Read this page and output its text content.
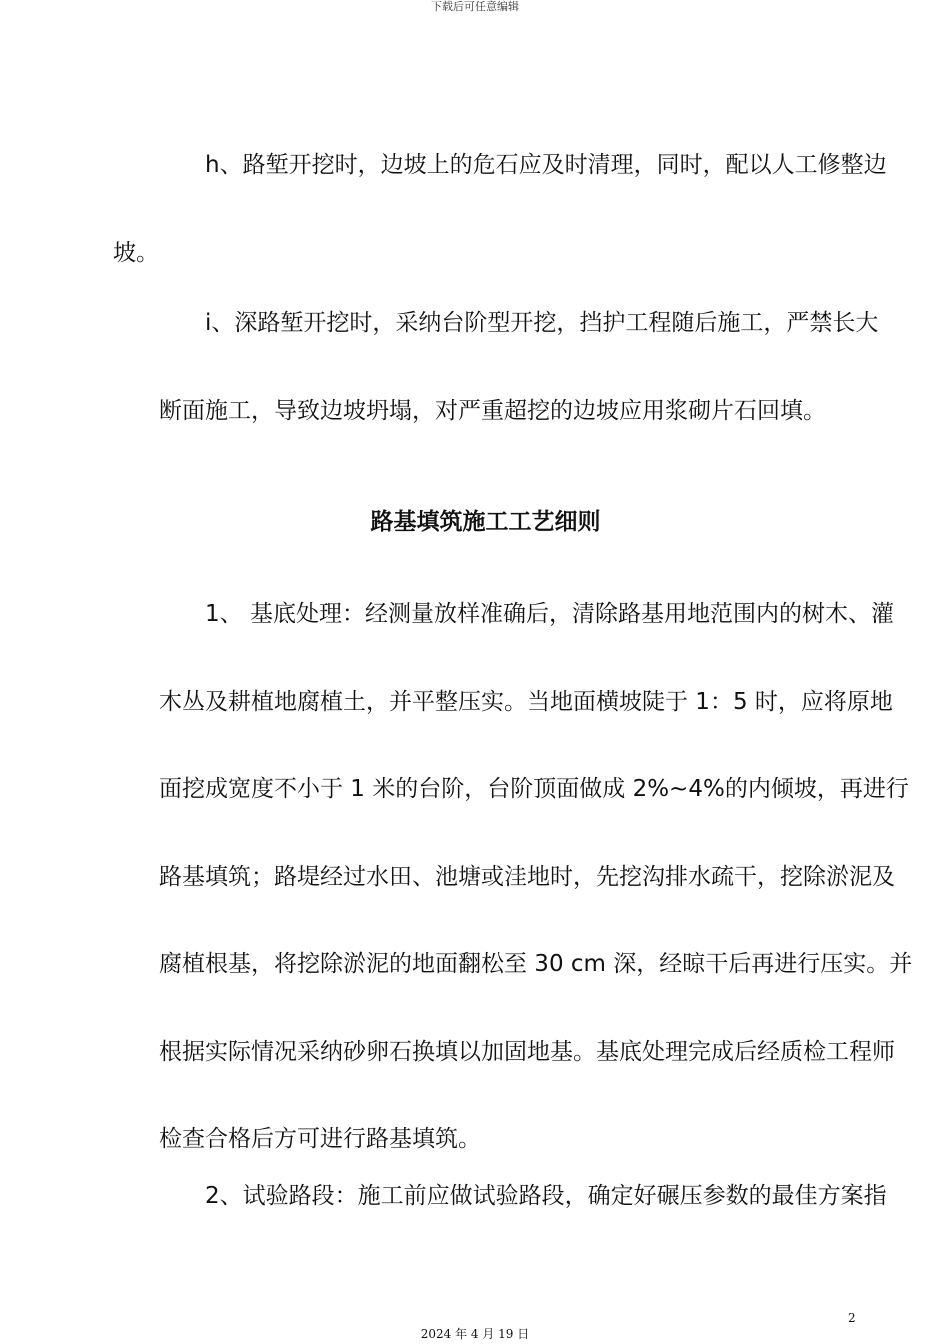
下载后可任意编辑
h、路堑开挖时，边坡上的危石应及时清理，同时，配以人工修整边
坡。
i、深路堑开挖时，采纳台阶型开挖，挡护工程随后施工，严禁长大
断面施工，导致边坡坍塌，对严重超挖的边坡应用浆砌片石回填。
路基填筑施工工艺细则
1、 基底处理：经测量放样准确后，清除路基用地范围内的树木、灌
木丛及耕植地腐植土，并平整压实。当地面横坡陡于 1：5 时，应将原地
面挖成宽度不小于 1 米的台阶，台阶顶面做成 2%~4%的内倾坡，再进行
路基填筑；路堤经过水田、池塘或洼地时，先挖沟排水疏干，挖除淤泥及
腐植根基，将挖除淤泥的地面翻松至 30 cm 深，经晾干后再进行压实。并
根据实际情况采纳砂卵石换填以加固地基。基底处理完成后经质检工程师
检查合格后方可进行路基填筑。
2、试验路段：施工前应做试验路段，确定好碾压参数的最佳方案指
2
2024 年 4 月 19 日
